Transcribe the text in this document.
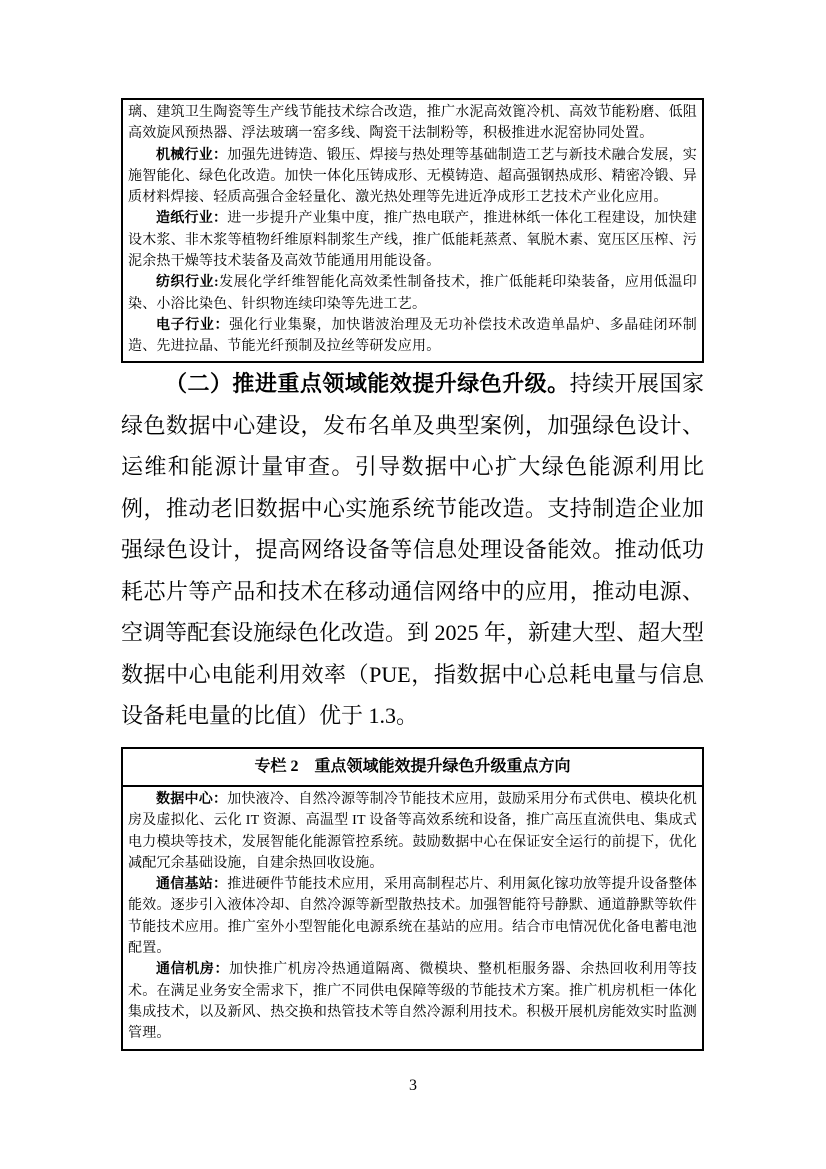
璃、建筑卫生陶瓷等生产线节能技术综合改造，推广水泥高效篦冷机、高效节能粉磨、低阻高效旋风预热器、浮法玻璃一窑多线、陶瓷干法制粉等，积极推进水泥窑协同处置。

机械行业：加强先进铸造、锻压、焊接与热处理等基础制造工艺与新技术融合发展，实施智能化、绿色化改造。加快一体化压铸成形、无模铸造、超高强钢热成形、精密冷锻、异质材料焊接、轻质高强合金轻量化、激光热处理等先进近净成形工艺技术产业化应用。

造纸行业：进一步提升产业集中度，推广热电联产，推进林纸一体化工程建设，加快建设木浆、非木浆等植物纤维原料制浆生产线，推广低能耗蒸煮、氧脱木素、宽压区压榨、污泥余热干燥等技术装备及高效节能通用用能设备。

纺织行业:发展化学纤维智能化高效柔性制备技术，推广低能耗印染装备，应用低温印染、小浴比染色、针织物连续印染等先进工艺。

电子行业：强化行业集聚，加快谐波治理及无功补偿技术改造单晶炉、多晶硅闭环制造、先进拉晶、节能光纤预制及拉丝等研发应用。

（二）推进重点领域能效提升绿色升级。持续开展国家绿色数据中心建设，发布名单及典型案例，加强绿色设计、运维和能源计量审查。引导数据中心扩大绿色能源利用比例，推动老旧数据中心实施系统节能改造。支持制造企业加强绿色设计，提高网络设备等信息处理设备能效。推动低功耗芯片等产品和技术在移动通信网络中的应用，推动电源、空调等配套设施绿色化改造。到 2025 年，新建大型、超大型数据中心电能利用效率（PUE，指数据中心总耗电量与信息设备耗电量的比值）优于 1.3。

专栏 2　重点领域能效提升绿色升级重点方向

数据中心：加快液冷、自然冷源等制冷节能技术应用，鼓励采用分布式供电、模块化机房及虚拟化、云化 IT 资源、高温型 IT 设备等高效系统和设备，推广高压直流供电、集成式电力模块等技术，发展智能化能源管控系统。鼓励数据中心在保证安全运行的前提下，优化减配冗余基础设施，自建余热回收设施。

通信基站：推进硬件节能技术应用，采用高制程芯片、利用氮化镓功放等提升设备整体能效。逐步引入液体冷却、自然冷源等新型散热技术。加强智能符号静默、通道静默等软件节能技术应用。推广室外小型智能化电源系统在基站的应用。结合市电情况优化备电蓄电池配置。

通信机房：加快推广机房冷热通道隔离、微模块、整机柜服务器、余热回收利用等技术。在满足业务安全需求下，推广不同供电保障等级的节能技术方案。推广机房机柜一体化集成技术，以及新风、热交换和热管技术等自然冷源利用技术。积极开展机房能效实时监测管理。

3
